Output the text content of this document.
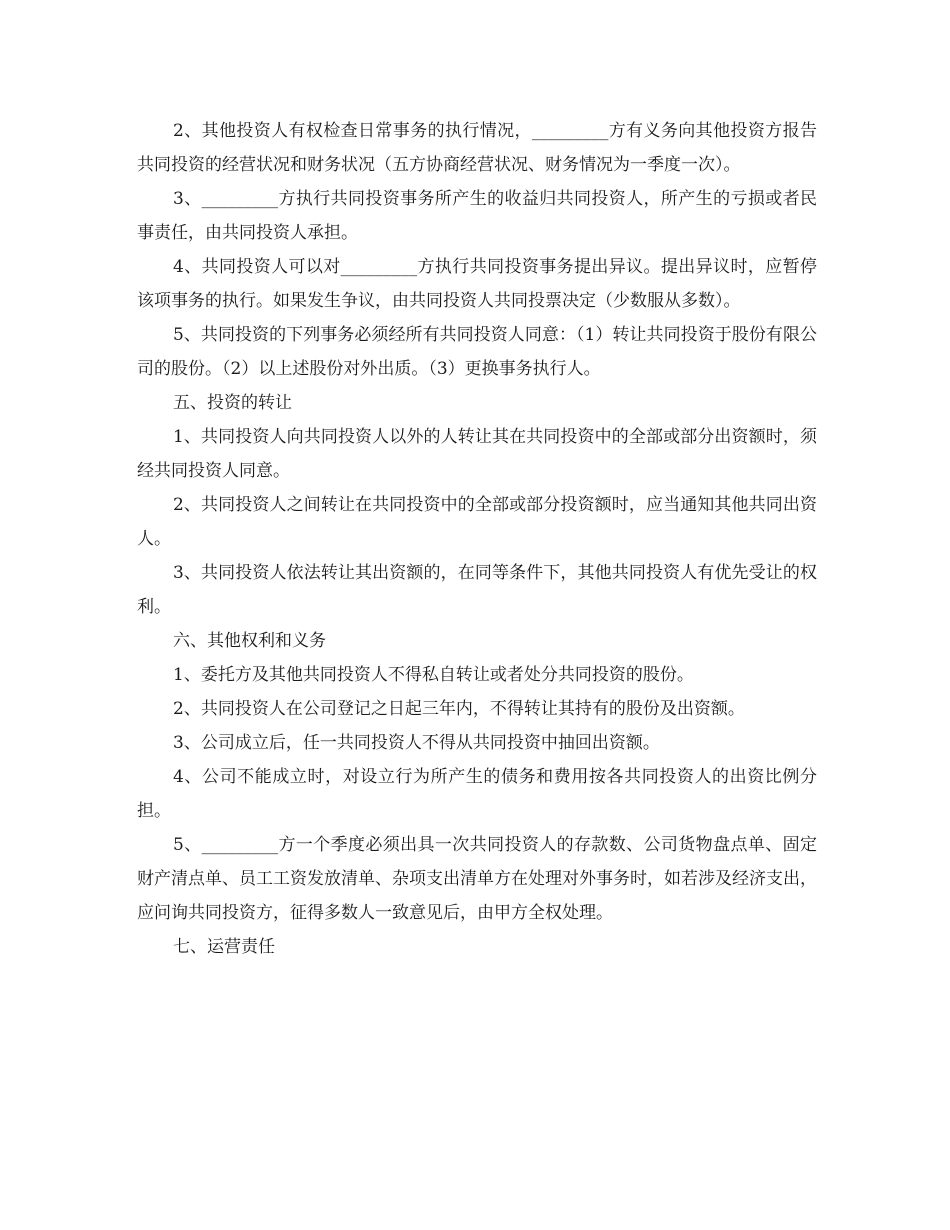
2、其他投资人有权检查日常事务的执行情况，_________方有义务向其他投资方报告共同投资的经营状况和财务状况（五方协商经营状况、财务情况为一季度一次）。

3、_________方执行共同投资事务所产生的收益归共同投资人，所产生的亏损或者民事责任，由共同投资人承担。

4、共同投资人可以对_________方执行共同投资事务提出异议。提出异议时，应暂停该项事务的执行。如果发生争议，由共同投资人共同投票决定（少数服从多数）。

5、共同投资的下列事务必须经所有共同投资人同意：（1）转让共同投资于股份有限公司的股份。（2）以上述股份对外出质。（3）更换事务执行人。

五、投资的转让

1、共同投资人向共同投资人以外的人转让其在共同投资中的全部或部分出资额时，须经共同投资人同意。

2、共同投资人之间转让在共同投资中的全部或部分投资额时，应当通知其他共同出资人。

3、共同投资人依法转让其出资额的，在同等条件下，其他共同投资人有优先受让的权利。

六、其他权利和义务

1、委托方及其他共同投资人不得私自转让或者处分共同投资的股份。

2、共同投资人在公司登记之日起三年内，不得转让其持有的股份及出资额。

3、公司成立后，任一共同投资人不得从共同投资中抽回出资额。

4、公司不能成立时，对设立行为所产生的债务和费用按各共同投资人的出资比例分担。

5、_________方一个季度必须出具一次共同投资人的存款数、公司货物盘点单、固定财产清点单、员工工资发放清单、杂项支出清单方在处理对外事务时，如若涉及经济支出，应问询共同投资方，征得多数人一致意见后，由甲方全权处理。

七、运营责任
